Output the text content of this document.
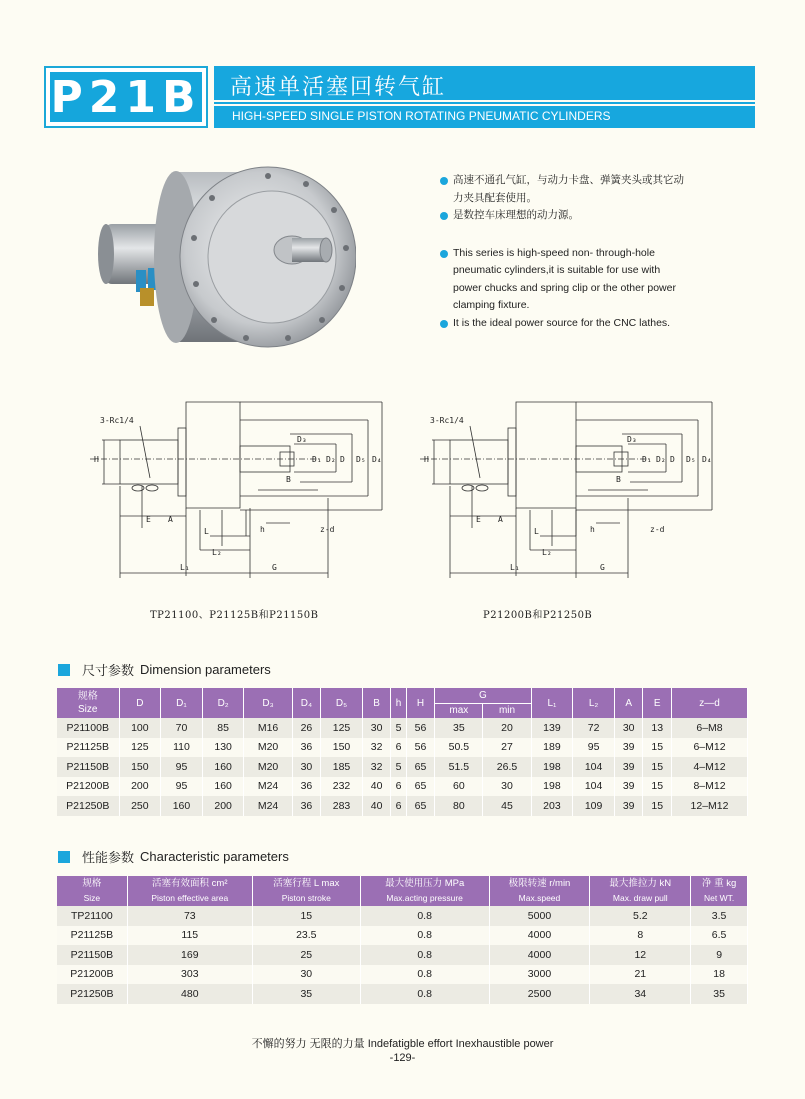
P21B 高速单活塞回转气缸
HIGH-SPEED SINGLE PISTON ROTATING PNEUMATIC CYLINDERS
高速不通孔气缸，与动力卡盘、弹簧夹头或其它动力夹具配套使用。
是数控车床理想的动力源。
This series is high-speed non- through-hole pneumatic cylinders,it is suitable for use with power chucks and spring clip or the other power clamping fixture.
It is the ideal power source for the CNC lathes.
3-Rc1/4
H
D₃
D₁ D₂ D D₅ D₄
B
E A
L	h	z-d
L₂
L₁	G
3-Rc1/4
H
D₃
D₁ D₂ D D₅ D₄
B
E A
L	h	z-d
L₂
L₁	G
TP21100、P21125B和P21150B	P21200B和P21250B
尺寸参数 Dimension parameters
规格
Size	D	D₁	D₂	D₃	D₄	D₅	B	h	H	G		L₁	L₂	A	E	z—d
										max	min					
P21100B	100	70	85	M16	26	125	30	5	56	35	20	139	72	30	13	6–M8
P21125B	125	110	130	M20	36	150	32	6	56	50.5	27	189	95	39	15	6–M12
P21150B	150	95	160	M20	30	185	32	5	65	51.5	26.5	198	104	39	15	4–M12
P21200B	200	95	160	M24	36	232	40	6	65	60	30	198	104	39	15	8–M12
P21250B	250	160	200	M24	36	283	40	6	65	80	45	203	109	39	15	12–M12
性能参数 Characteristic parameters
规格	活塞有效面积 cm²	活塞行程 L max	最大使用压力 MPa	极限转速 r/min	最大推拉力 kN	净 重 kg
Size	Piston effective area	Piston stroke	Max.acting pressure	Max.speed	Max. draw pull	Net WT.
TP21100	73	15	0.8	5000	5.2	3.5
P21125B	115	23.5	0.8	4000	8	6.5
P21150B	169	25	0.8	4000	12	9
P21200B	303	30	0.8	3000	21	18
P21250B	480	35	0.8	2500	34	35
不懈的努力 无限的力量 Indefatigble effort Inexhaustible power
-129-
